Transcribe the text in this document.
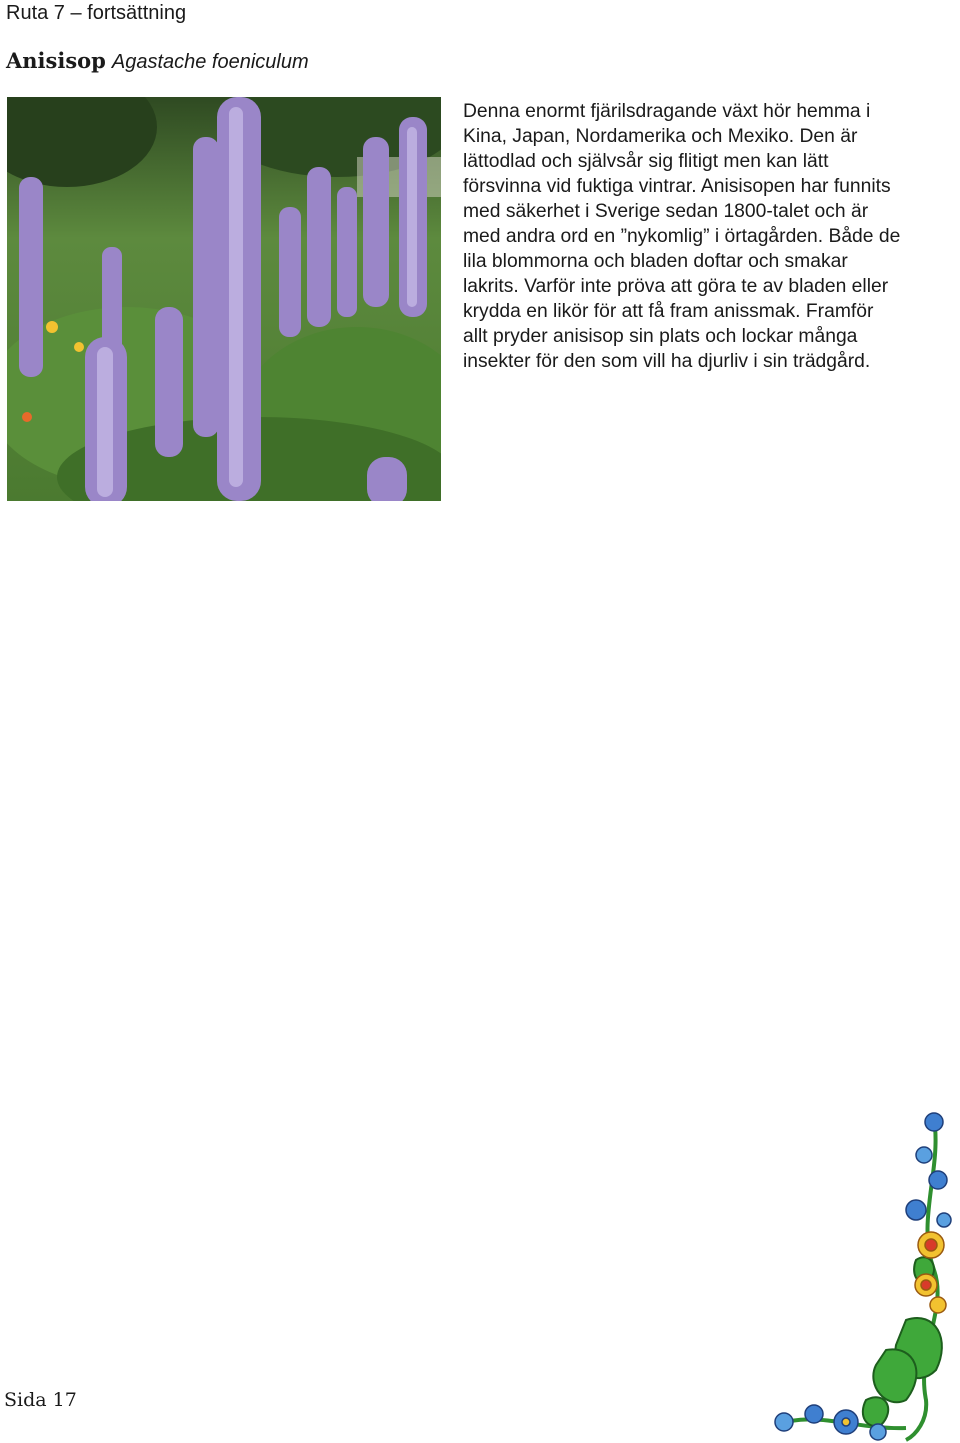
Ruta 7 – fortsättning
Anisisop Agastache foeniculum

Denna enormt fjärilsdragande växt hör hemma i Kina, Japan, Nordamerika och Mexiko. Den är lättodlad och självsår sig flitigt men kan lätt försvinna vid fuktiga vintrar. Anisisopen har funnits med säkerhet i Sverige sedan 1800-talet och är med andra ord en ”nykomlig” i örtagården. Både de lila blommorna och bladen doftar och smakar lakrits. Varför inte pröva att göra te av bladen eller krydda en likör för att få fram anissmak. Framför allt pryder anisisop sin plats och lockar många insekter för den som vill ha djurliv i sin trädgård.

Sida 17
